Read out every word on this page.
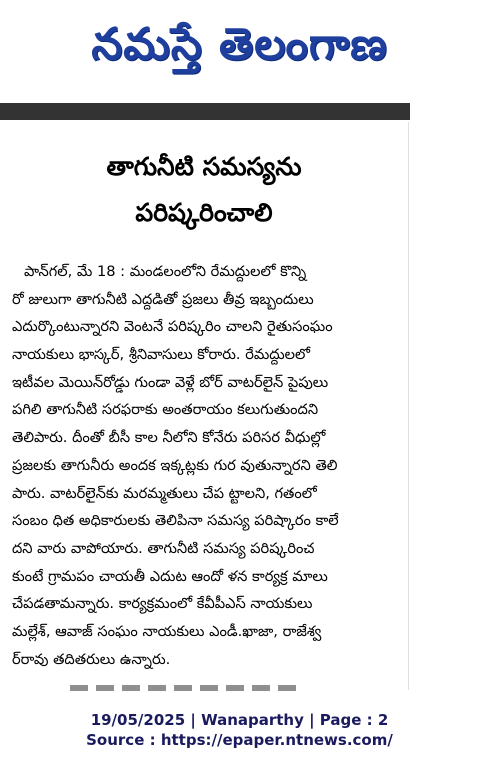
నమస్తే తెలంగాణ
తాగునీటి సమస్యను
పరిష్కరించాలి
పాన్‌గల్, మే 18 : మండలంలోని రేమద్దులలో కొన్ని
రో జులుగా తాగునీటి ఎద్దడితో ప్రజలు తీవ్ర ఇబ్బందులు
ఎదుర్కొంటున్నారని వెంటనే పరిష్కరిం చాలని రైతుసంఘం
నాయకులు భాస్కర్, శ్రీనివాసులు కోరారు. రేమద్దులలో
ఇటీవల మెయిన్‌రోడ్డు గుండా వెళ్లే బోర్ వాటర్‌లైన్ పైపులు
పగిలి తాగునీటి సరఫరాకు అంతరాయం కలుగుతుందని
తెలిపారు. దీంతో బీసీ కాల నీలోని కోనేరు పరిసర వీధుల్లో
ప్రజలకు తాగునీరు అందక ఇక్కట్లకు గుర వుతున్నారని తెలి
పారు. వాటర్‌లైన్‌కు మరమ్మతులు చేప ట్టాలని, గతంలో
సంబం ధిత అధికారులకు తెలిపినా సమస్య పరిష్కారం కాలే
దని వారు వాపోయారు. తాగునీటి సమస్య పరిష్కరించ
కుంటే గ్రామపం చాయతీ ఎదుట ఆందో ళన కార్యక్ర మాలు
చేపడతామన్నారు. కార్యక్రమంలో కేవీపీఎస్ నాయకులు
మల్లేశ్, ఆవాజ్ సంఘం నాయకులు ఎండీ.ఖాజా, రాజేశ్వ
ర్‌రావు తదితరులు ఉన్నారు.
19/05/2025 | Wanaparthy | Page : 2
Source : https://epaper.ntnews.com/
